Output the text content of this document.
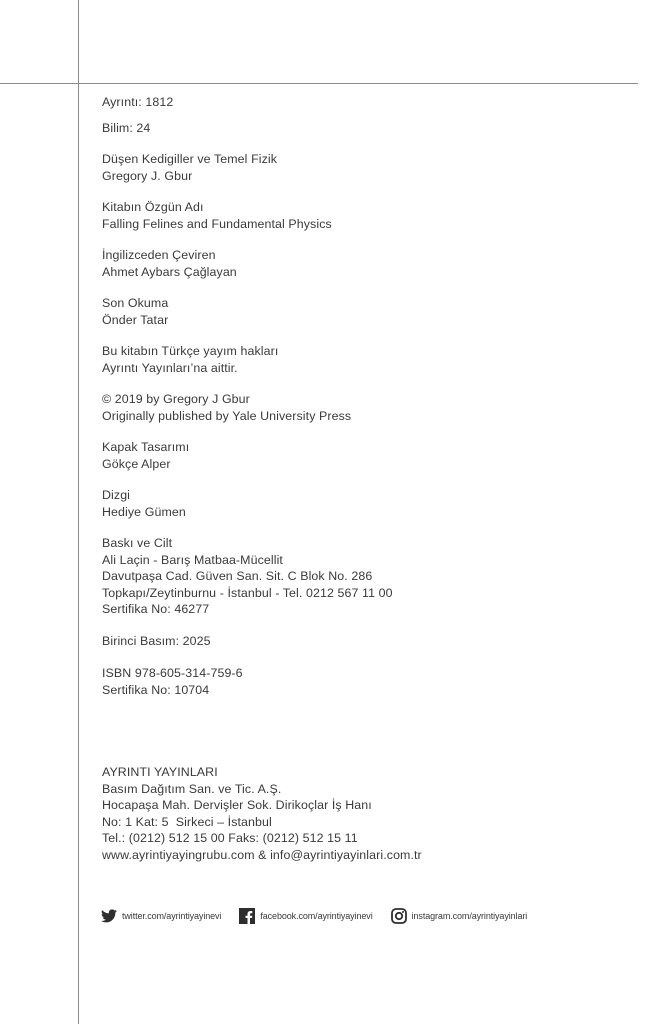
Ayrıntı: 1812

Bilim: 24

Düşen Kedigiller ve Temel Fizik
Gregory J. Gbur

Kitabın Özgün Adı
Falling Felines and Fundamental Physics

İngilizceden Çeviren
Ahmet Aybars Çağlayan

Son Okuma
Önder Tatar

Bu kitabın Türkçe yayım hakları
Ayrıntı Yayınları’na aittir.

© 2019 by Gregory J Gbur
Originally published by Yale University Press

Kapak Tasarımı
Gökçe Alper

Dizgi
Hediye Gümen

Baskı ve Cilt
Ali Laçin - Barış Matbaa-Mücellit
Davutpaşa Cad. Güven San. Sit. C Blok No. 286
Topkapı/Zeytinburnu - İstanbul - Tel. 0212 567 11 00
Sertifika No: 46277

Birinci Basım: 2025

ISBN 978-605-314-759-6
Sertifika No: 10704

AYRINTI YAYINLARI
Basım Dağıtım San. ve Tic. A.Ş.
Hocapaşa Mah. Dervişler Sok. Dirikoçlar İş Hanı
No: 1 Kat: 5  Sirkeci – İstanbul
Tel.: (0212) 512 15 00 Faks: (0212) 512 15 11
www.ayrintiyayingrubu.com & info@ayrintiyayinlari.com.tr

twitter.com/ayrintiyayinevi	facebook.com/ayrintiyayinevi	instagram.com/ayrintiyayinlari
